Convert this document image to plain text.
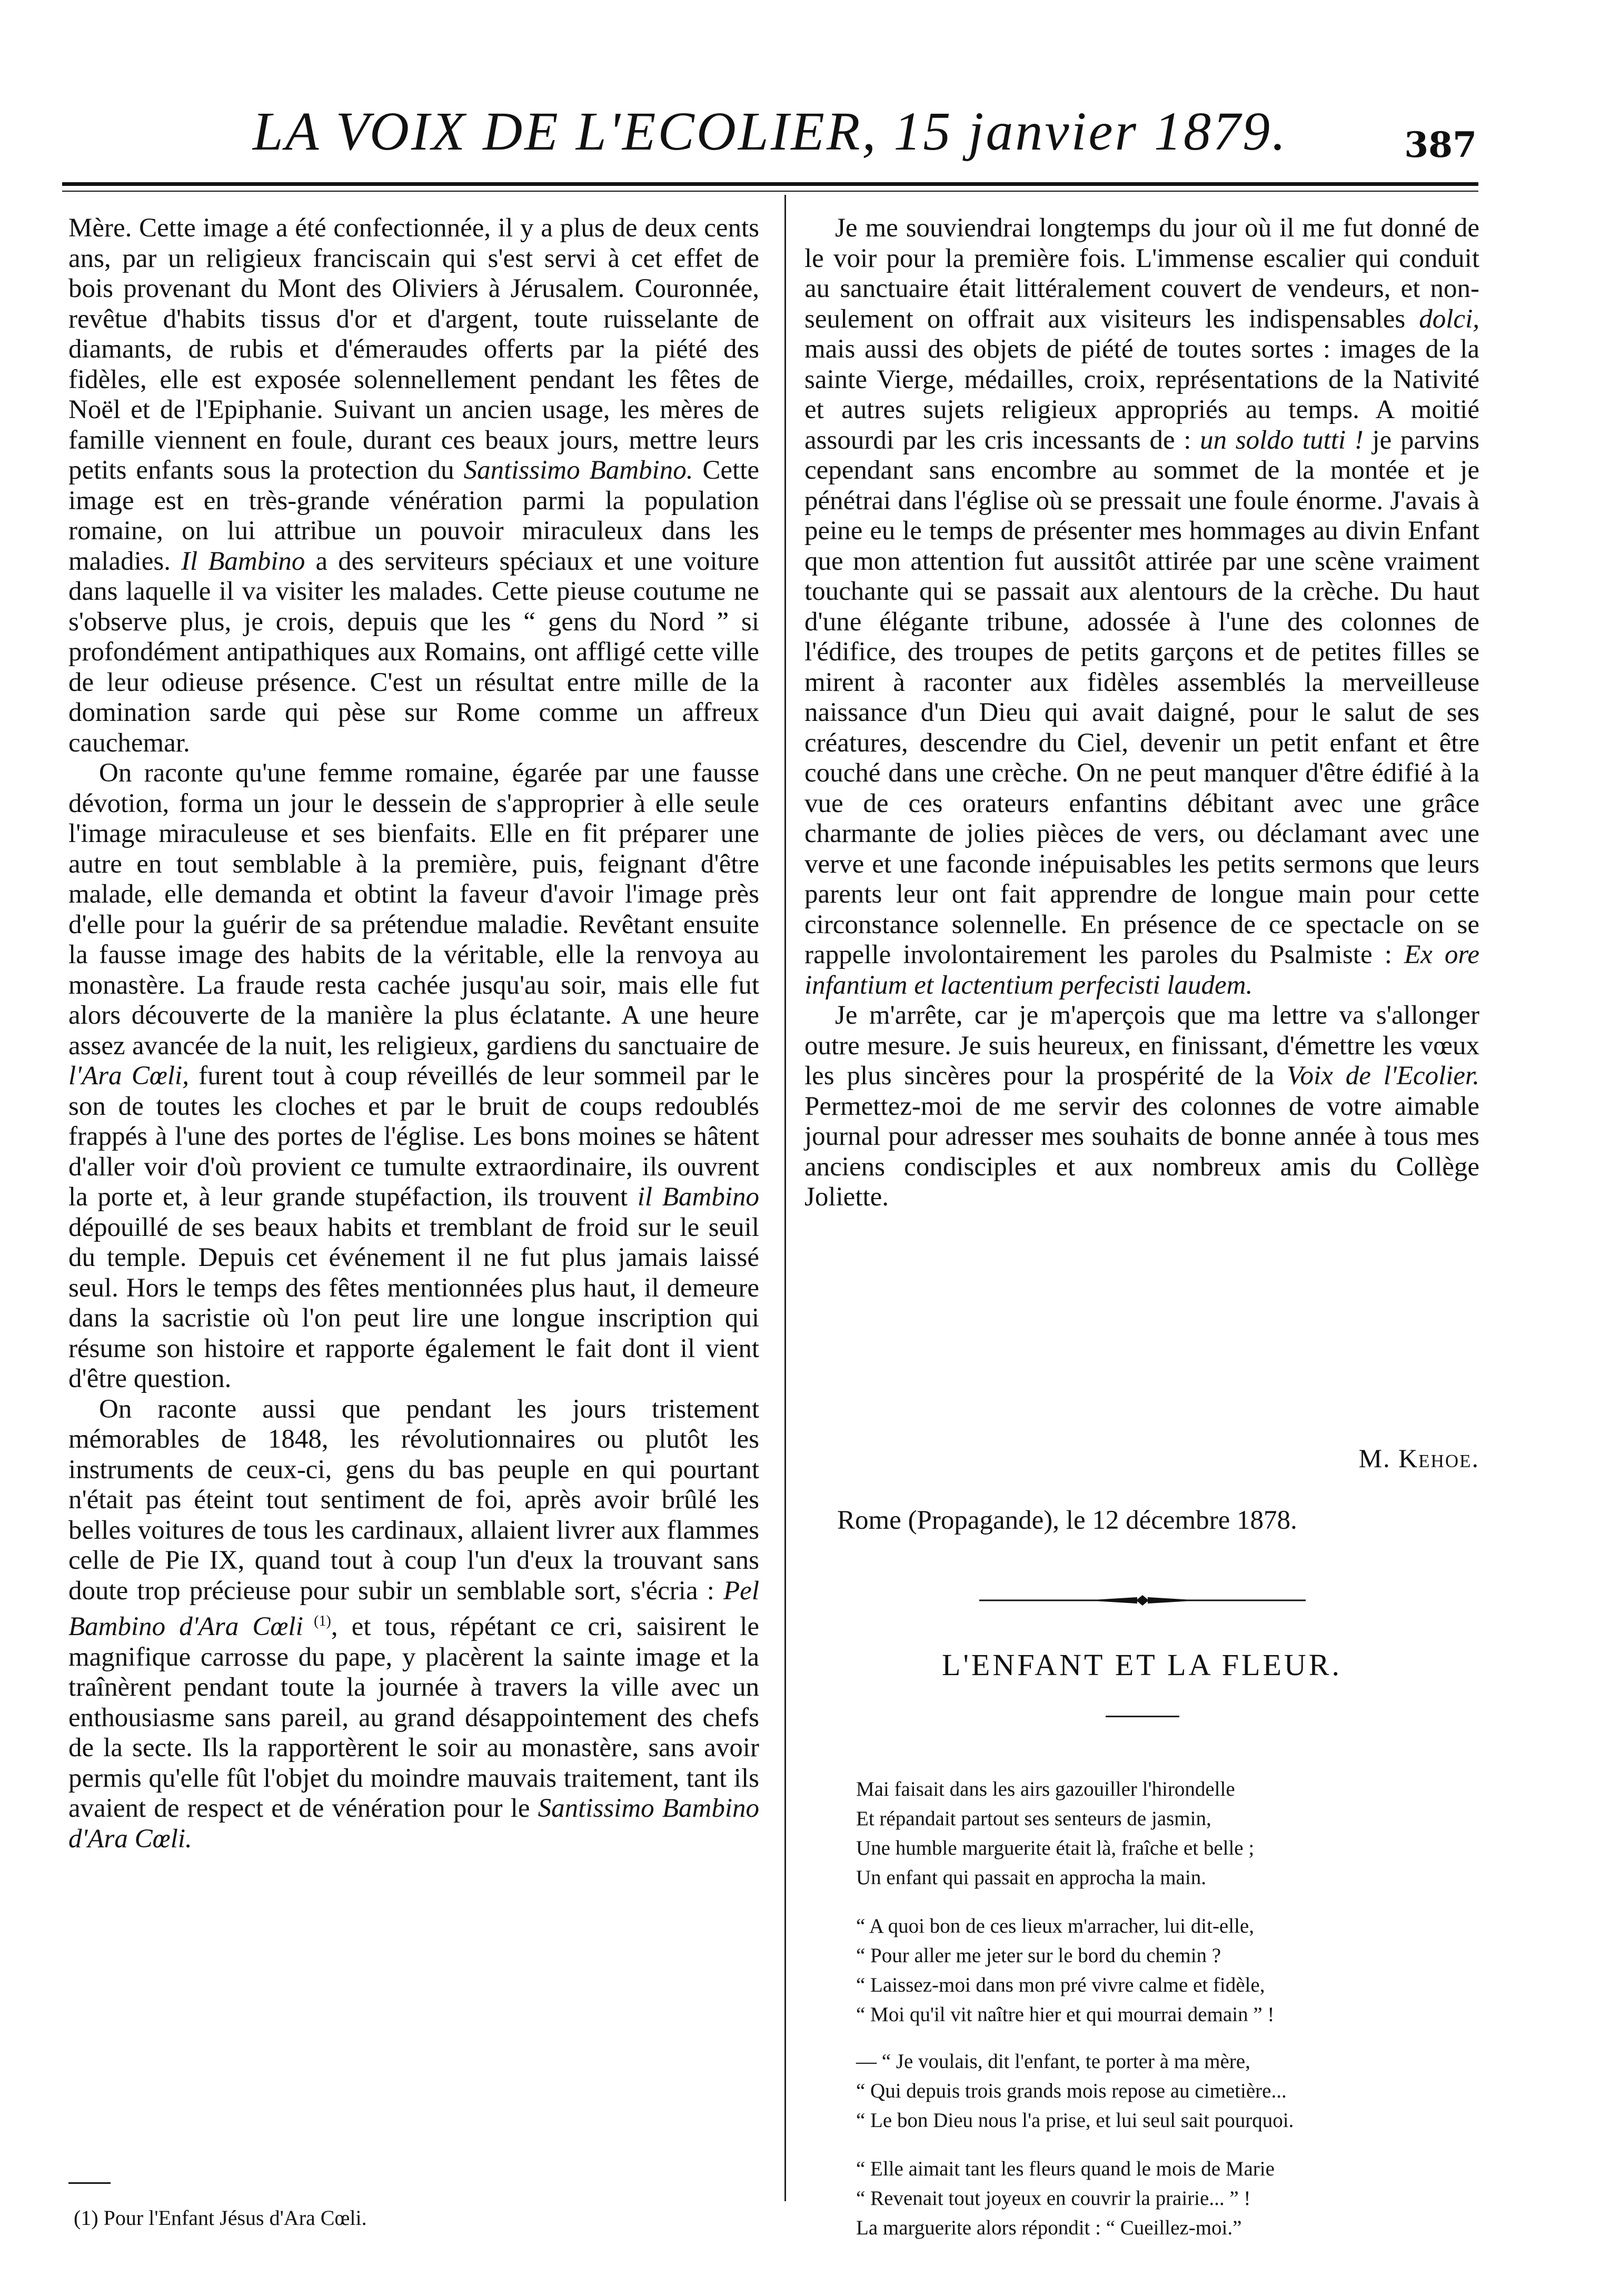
LA VOIX DE L'ECOLIER, 15 janvier 1879.	387

Mère. Cette image a été confectionnée, il y a plus de deux cents ans, par un religieux franciscain qui s'est servi à cet effet de bois provenant du Mont des Oliviers à Jérusalem. Couronnée, revêtue d'habits tissus d'or et d'argent, toute ruisselante de diamants, de rubis et d'émeraudes offerts par la piété des fidèles, elle est exposée solennellement pendant les fêtes de Noël et de l'Epiphanie. Suivant un ancien usage, les mères de famille viennent en foule, durant ces beaux jours, mettre leurs petits enfants sous la protection du Santissimo Bambino. Cette image est en très-grande vénération parmi la population romaine, on lui attribue un pouvoir miraculeux dans les maladies. Il Bambino a des serviteurs spéciaux et une voiture dans laquelle il va visiter les malades. Cette pieuse coutume ne s'observe plus, je crois, depuis que les “ gens du Nord ” si profondément antipathiques aux Romains, ont affligé cette ville de leur odieuse présence. C'est un résultat entre mille de la domination sarde qui pèse sur Rome comme un affreux cauchemar.

On raconte qu'une femme romaine, égarée par une fausse dévotion, forma un jour le dessein de s'approprier à elle seule l'image miraculeuse et ses bienfaits. Elle en fit préparer une autre en tout semblable à la première, puis, feignant d'être malade, elle demanda et obtint la faveur d'avoir l'image près d'elle pour la guérir de sa prétendue maladie. Revêtant ensuite la fausse image des habits de la véritable, elle la renvoya au monastère. La fraude resta cachée jusqu'au soir, mais elle fut alors découverte de la manière la plus éclatante. A une heure assez avancée de la nuit, les religieux, gardiens du sanctuaire de l'Ara Cœli, furent tout à coup réveillés de leur sommeil par le son de toutes les cloches et par le bruit de coups redoublés frappés à l'une des portes de l'église. Les bons moines se hâtent d'aller voir d'où provient ce tumulte extraordinaire, ils ouvrent la porte et, à leur grande stupéfaction, ils trouvent il Bambino dépouillé de ses beaux habits et tremblant de froid sur le seuil du temple. Depuis cet événement il ne fut plus jamais laissé seul. Hors le temps des fêtes mentionnées plus haut, il demeure dans la sacristie où l'on peut lire une longue inscription qui résume son histoire et rapporte également le fait dont il vient d'être question.

On raconte aussi que pendant les jours tristement mémorables de 1848, les révolutionnaires ou plutôt les instruments de ceux-ci, gens du bas peuple en qui pourtant n'était pas éteint tout sentiment de foi, après avoir brûlé les belles voitures de tous les cardinaux, allaient livrer aux flammes celle de Pie IX, quand tout à coup l'un d'eux la trouvant sans doute trop précieuse pour subir un semblable sort, s'écria : Pel Bambino d'Ara Cœli $^{(1)}$, et tous, répétant ce cri, saisirent le magnifique carrosse du pape, y placèrent la sainte image et la traînèrent pendant toute la journée à travers la ville avec un enthousiasme sans pareil, au grand désappointement des chefs de la secte. Ils la rapportèrent le soir au monastère, sans avoir permis qu'elle fût l'objet du moindre mauvais traitement, tant ils avaient de respect et de vénération pour le Santissimo Bambino d'Ara Cœli.

(1) Pour l'Enfant Jésus d'Ara Cœli.

Je me souviendrai longtemps du jour où il me fut donné de le voir pour la première fois. L'immense escalier qui conduit au sanctuaire était littéralement couvert de vendeurs, et non-seulement on offrait aux visiteurs les indispensables dolci, mais aussi des objets de piété de toutes sortes : images de la sainte Vierge, médailles, croix, représentations de la Nativité et autres sujets religieux appropriés au temps. A moitié assourdi par les cris incessants de : un soldo tutti ! je parvins cependant sans encombre au sommet de la montée et je pénétrai dans l'église où se pressait une foule énorme. J'avais à peine eu le temps de présenter mes hommages au divin Enfant que mon attention fut aussitôt attirée par une scène vraiment touchante qui se passait aux alentours de la crèche. Du haut d'une élégante tribune, adossée à l'une des colonnes de l'édifice, des troupes de petits garçons et de petites filles se mirent à raconter aux fidèles assemblés la merveilleuse naissance d'un Dieu qui avait daigné, pour le salut de ses créatures, descendre du Ciel, devenir un petit enfant et être couché dans une crèche. On ne peut manquer d'être édifié à la vue de ces orateurs enfantins débitant avec une grâce charmante de jolies pièces de vers, ou déclamant avec une verve et une faconde inépuisables les petits sermons que leurs parents leur ont fait apprendre de longue main pour cette circonstance solennelle. En présence de ce spectacle on se rappelle involontairement les paroles du Psalmiste : Ex ore infantium et lactentium perfecisti laudem.

Je m'arrête, car je m'aperçois que ma lettre va s'allonger outre mesure. Je suis heureux, en finissant, d'émettre les vœux les plus sincères pour la prospérité de la Voix de l'Ecolier. Permettez-moi de me servir des colonnes de votre aimable journal pour adresser mes souhaits de bonne année à tous mes anciens condisciples et aux nombreux amis du Collège Joliette.

M. Kehoe.
Rome (Propagande), le 12 décembre 1878.
L'ENFANT ET LA FLEUR.
Mai faisait dans les airs gazouiller l'hirondelle
Et répandait partout ses senteurs de jasmin,
Une humble marguerite était là, fraîche et belle ;
Un enfant qui passait en approcha la main.
“ A quoi bon de ces lieux m'arracher, lui dit-elle,
“ Pour aller me jeter sur le bord du chemin ?
“ Laissez-moi dans mon pré vivre calme et fidèle,
“ Moi qu'il vit naître hier et qui mourrai demain ” !
— “ Je voulais, dit l'enfant, te porter à ma mère,
“ Qui depuis trois grands mois repose au cimetière...
“ Le bon Dieu nous l'a prise, et lui seul sait pourquoi.
“ Elle aimait tant les fleurs quand le mois de Marie
“ Revenait tout joyeux en couvrir la prairie... ” !
La marguerite alors répondit : “ Cueillez-moi.”
